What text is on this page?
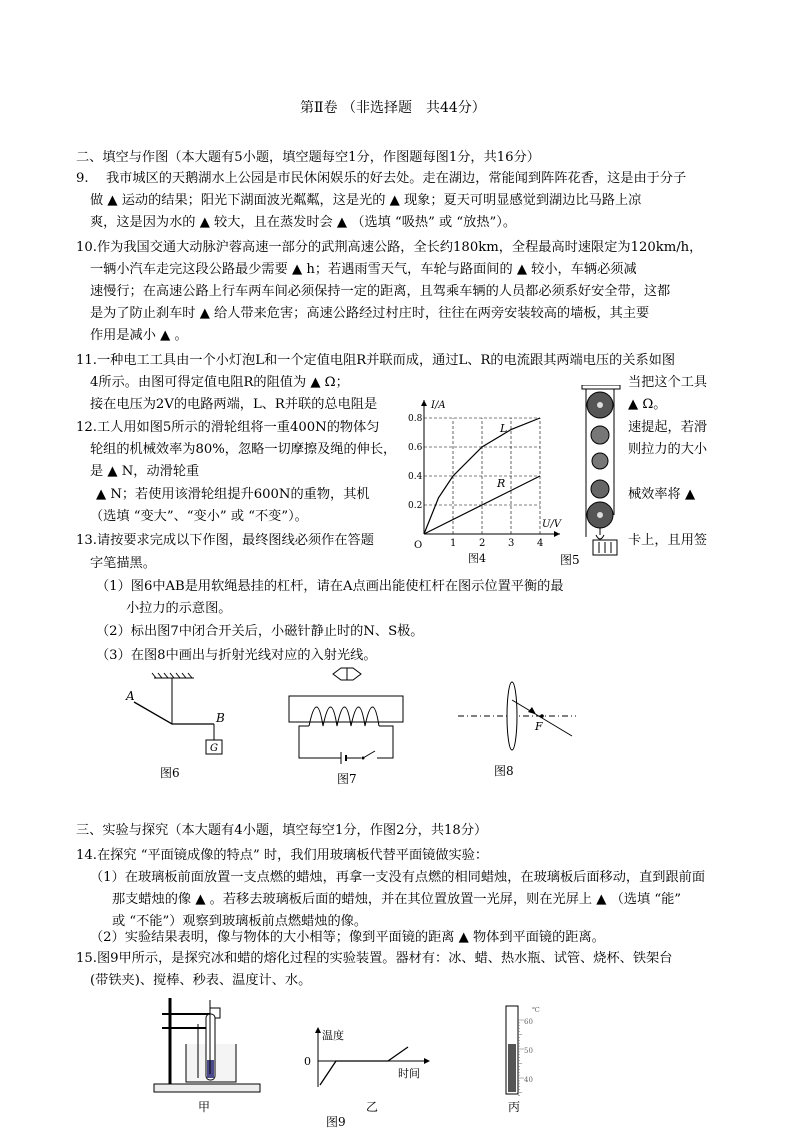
第Ⅱ卷 （非选择题　共44分）
二、填空与作图（本大题有5小题，填空题每空1分，作图题每图1分，共16分）
9.　 我市城区的天鹅湖水上公园是市民休闲娱乐的好去处。走在湖边，常能闻到阵阵花香，这是由于分子
做 ▲ 运动的结果；阳光下湖面波光粼粼，这是光的 ▲ 现象；夏天可明显感觉到湖边比马路上凉
爽，这是因为水的 ▲ 较大，且在蒸发时会 ▲ （选填 “吸热” 或 “放热”）。
10.作为我国交通大动脉沪蓉高速一部分的武荆高速公路，全长约180km，全程最高时速限定为120km/h，
一辆小汽车走完这段公路最少需要 ▲ h；若遇雨雪天气，车轮与路面间的 ▲ 较小，车辆必须减
速慢行；在高速公路上行车两车间必须保持一定的距离，且驾乘车辆的人员都必须系好安全带，这都
是为了防止刹车时 ▲ 给人带来危害；高速公路经过村庄时，往往在两旁安装较高的墙板，其主要
作用是减小 ▲ 。
11.一种电工工具由一个小灯泡L和一个定值电阻R并联而成，通过L、R的电流跟其两端电压的关系如图
4所示。由图可得定值电阻R的阻值为 ▲ Ω；	当把这个工具
接在电压为2V的电路两端，L、R并联的总电阻是	▲ Ω。
12.工人用如图5所示的滑轮组将一重400N的物体匀	速提起，若滑
轮组的机械效率为80%，忽略一切摩擦及绳的伸长，	则拉力的大小
是 ▲ N，动滑轮重
▲ N；若使用该滑轮组提升600N的重物，其机	械效率将 ▲
（选填 “变大”、“变小” 或 “不变”）。
13.请按要求完成以下作图，最终图线必须作在答题	卡上，且用签
字笔描黑。
（1）图6中AB是用软绳悬挂的杠杆，请在A点画出能使杠杆在图示位置平衡的最
小拉力的示意图。
（2）标出图7中闭合开关后，小磁针静止时的N、S极。
（3）在图8中画出与折射光线对应的入射光线。
I/A
U/V
O	1 2 3 4
0.2
0.4
0.6
0.8
L
R
图4	图5
G
A
B
图6	图7
F
图8
三、实验与探究（本大题有4小题，填空每空1分，作图2分，共18分）
14.在探究 “平面镜成像的特点” 时，我们用玻璃板代替平面镜做实验：
（1）在玻璃板前面放置一支点燃的蜡烛，再拿一支没有点燃的相同蜡烛，在玻璃板后面移动，直到跟前面
那支蜡烛的像 ▲ 。若移去玻璃板后面的蜡烛，并在其位置放置一光屏，则在光屏上 ▲ （选填 “能”
或 “不能”）观察到玻璃板前点燃蜡烛的像。
（2）实验结果表明，像与物体的大小相等；像到平面镜的距离 ▲ 物体到平面镜的距离。
15.图9甲所示，是探究冰和蜡的熔化过程的实验装置。器材有：冰、蜡、热水瓶、试管、烧杯、铁架台
(带铁夹)、搅棒、秒表、温度计、水。
甲
温度
时间
0
乙
图9
℃
60
50
40
丙
